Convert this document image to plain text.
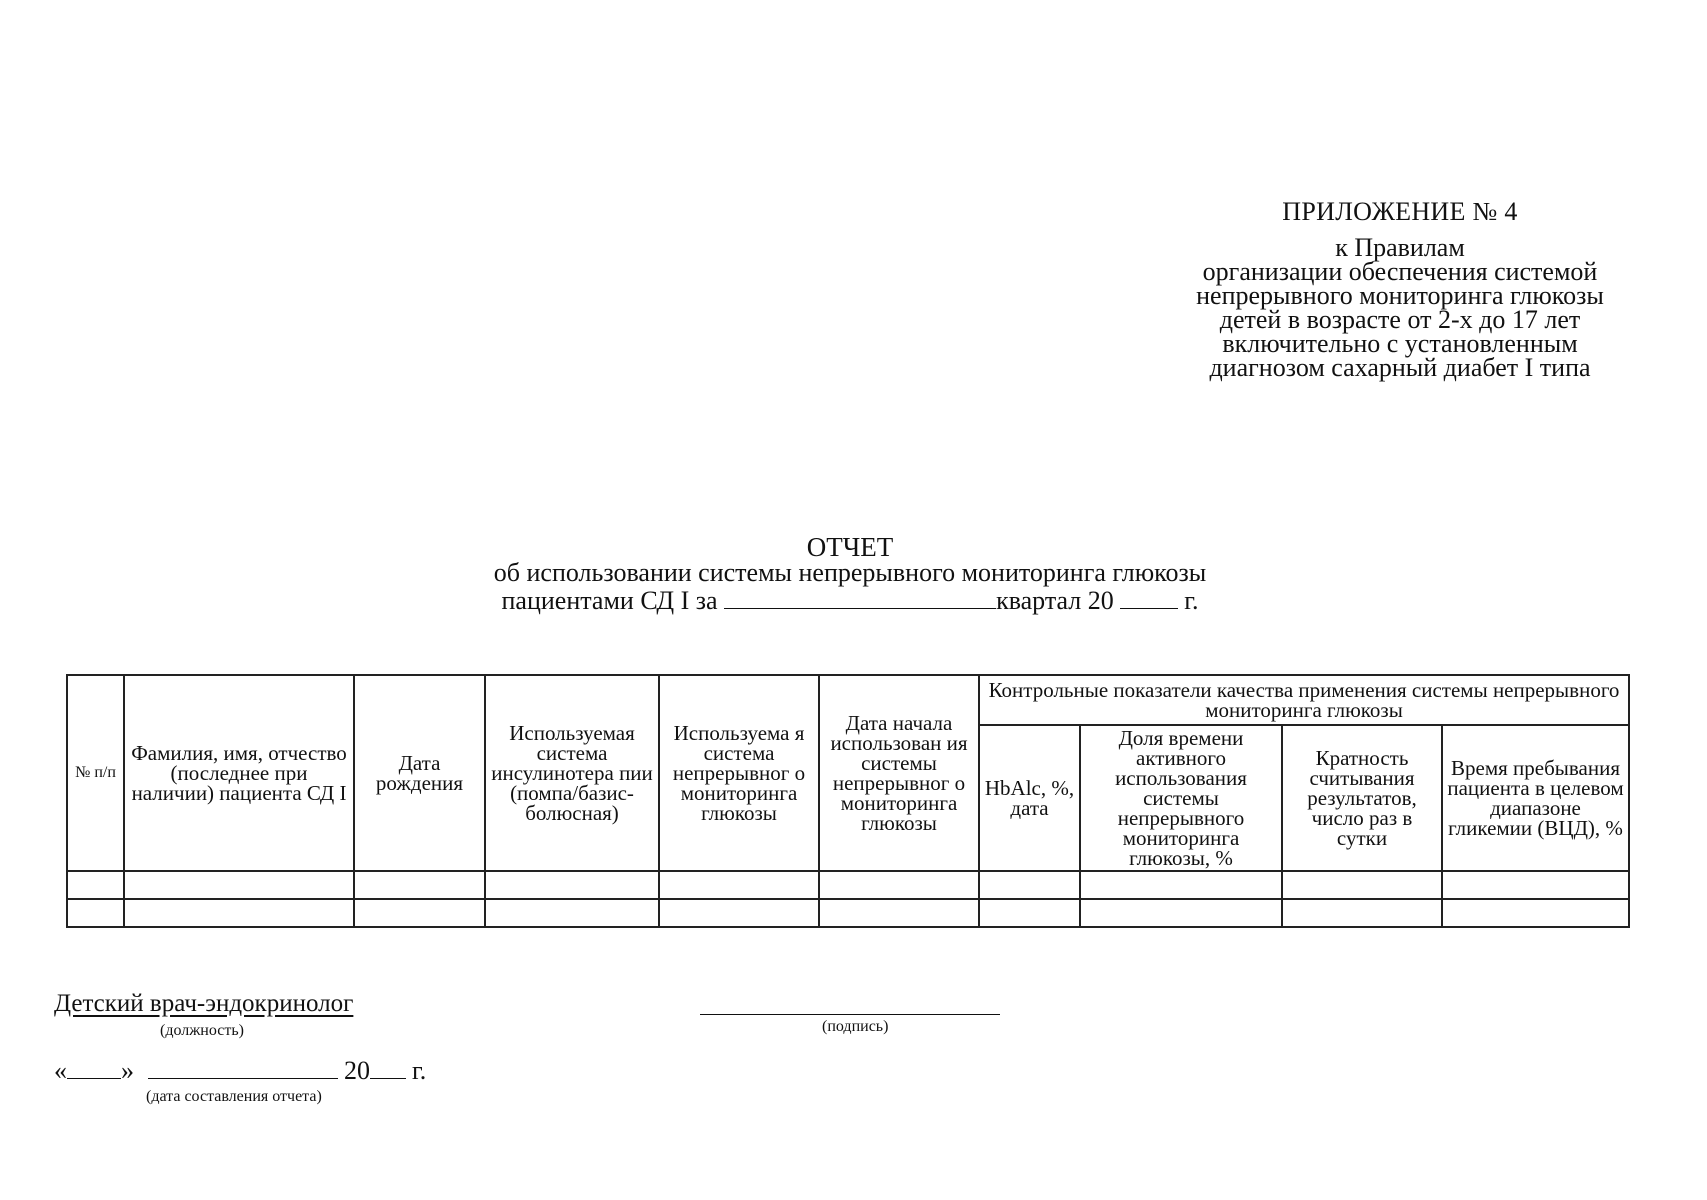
ПРИЛОЖЕНИЕ № 4
к Правилам
организации обеспечения системой
непрерывного мониторинга глюкозы
детей в возрасте от 2-х до 17 лет
включительно с установленным
диагнозом сахарный диабет I типа
ОТЧЕТ
об использовании системы непрерывного мониторинга глюкозы
пациентами СД I за	квартал 20	г.
№ п/п	Фамилия, имя, отчество (последнее при наличии) пациента СД I	Дата рождения	Используемая система инсулинотера пии (помпа/базис-болюсная)	Используема я система непрерывног о мониторинга глюкозы	Дата начала использован ия системы непрерывног о мониторинга глюкозы	Контрольные показатели качества применения системы непрерывного мониторинга глюкозы			
						HbAlc, %, дата	Доля времени активного использования системы непрерывного мониторинга глюкозы, %	Кратность считывания результатов, число раз в сутки	Время пребывания пациента в целевом диапазоне гликемии (ВЦД), %

Детский врач-эндокринолог
(должность)	(подпись)
« »	20 г.
(дата составления отчета)
